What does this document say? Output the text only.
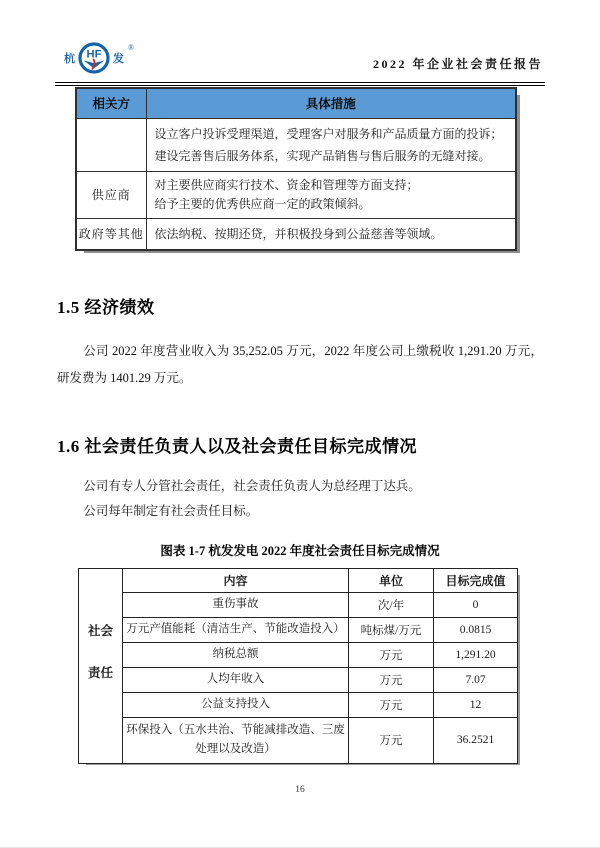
杭 HF 发
®
2022 年企业社会责任报告
相关方	具体措施

	设立客户投诉受理渠道，受理客户对服务和产品质量方面的投诉；
建设完善售后服务体系，实现产品销售与售后服务的无缝对接。

供应商	对主要供应商实行技术、资金和管理等方面支持；
给予主要的优秀供应商一定的政策倾斜。

政府等其他	依法纳税、按期还贷，并积极投身到公益慈善等领域。
1.5 经济绩效

公司 2022 年度营业收入为 35,252.05 万元，2022 年度公司上缴税收 1,291.20 万元，研发费为 1401.29 万元。

1.6 社会责任负责人以及社会责任目标完成情况

公司有专人分管社会责任，社会责任负责人为总经理丁达兵。

公司每年制定有社会责任目标。

图表 1-7 杭发发电 2022 年度社会责任目标完成情况
社会
责任	内容	单位	目标完成值
	重伤事故	次/年	0
	万元产值能耗（清洁生产、节能改造投入）	吨标煤/万元	0.0815
	纳税总额	万元	1,291.20
	人均年收入	万元	7.07
	公益支持投入	万元	12
	环保投入（五水共治、节能减排改造、三废处理以及改造）	万元	36.2521
16
